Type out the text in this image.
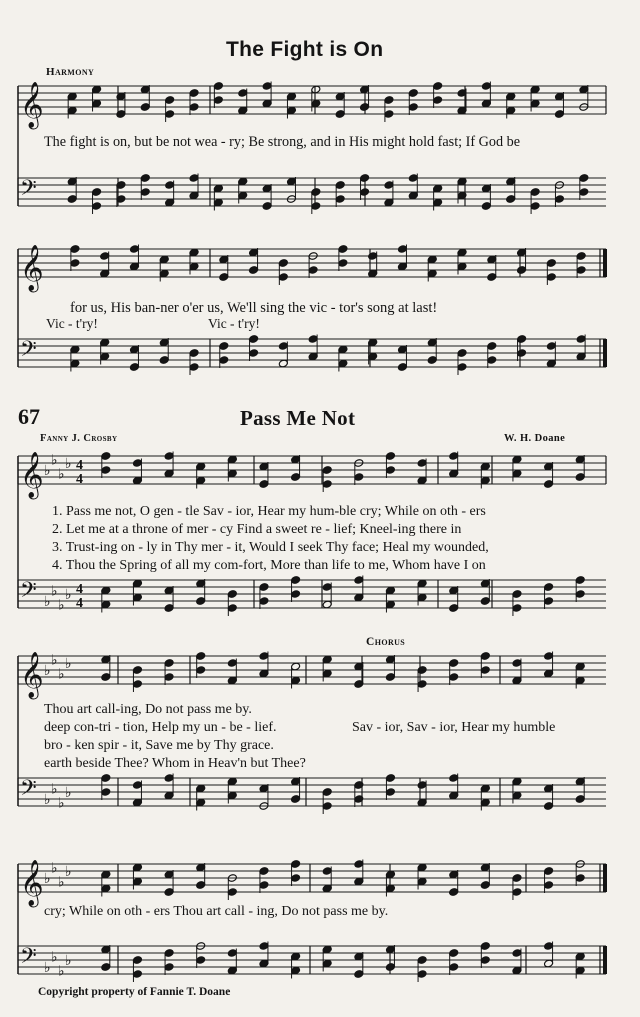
𝄞
𝄢
𝄞
𝄢
𝄞 ♭
♭
♭
♭ 4
4
𝄢 ♭
♭
♭
♭ 4
4
𝄞 ♭
♭
♭
♭
𝄢 ♭
♭
♭
♭
𝄞 ♭
♭
♭
♭
𝄢 ♭
♭
♭
♭
The Fight is On
Harmony
The fight is on, but be not wea - ry; Be strong, and in His might hold fast; If God be
for us, His ban-ner o'er us, We'll sing the vic - tor's song at last!
Vic - t'ry!	Vic - t'ry!
67	Pass Me Not
Fanny J. Crosby	W. H. Doane
1. Pass me not, O gen - tle Sav - ior, Hear my hum-ble cry; While on oth - ers
2. Let me at a throne of mer - cy Find a sweet re - lief; Kneel-ing there in
3. Trust-ing on - ly in Thy mer - it, Would I seek Thy face; Heal my wounded,
4. Thou the Spring of all my com-fort, More than life to me, Whom have I on
Chorus
Thou art call-ing, Do not pass me by.
deep con-tri - tion, Help my un - be - lief.
bro - ken spir - it, Save me by Thy grace.
earth beside Thee? Whom in Heav'n but Thee?
Sav - ior, Sav - ior, Hear my humble
cry; While on oth - ers Thou art call - ing, Do not pass me by.
Copyright property of Fannie T. Doane
